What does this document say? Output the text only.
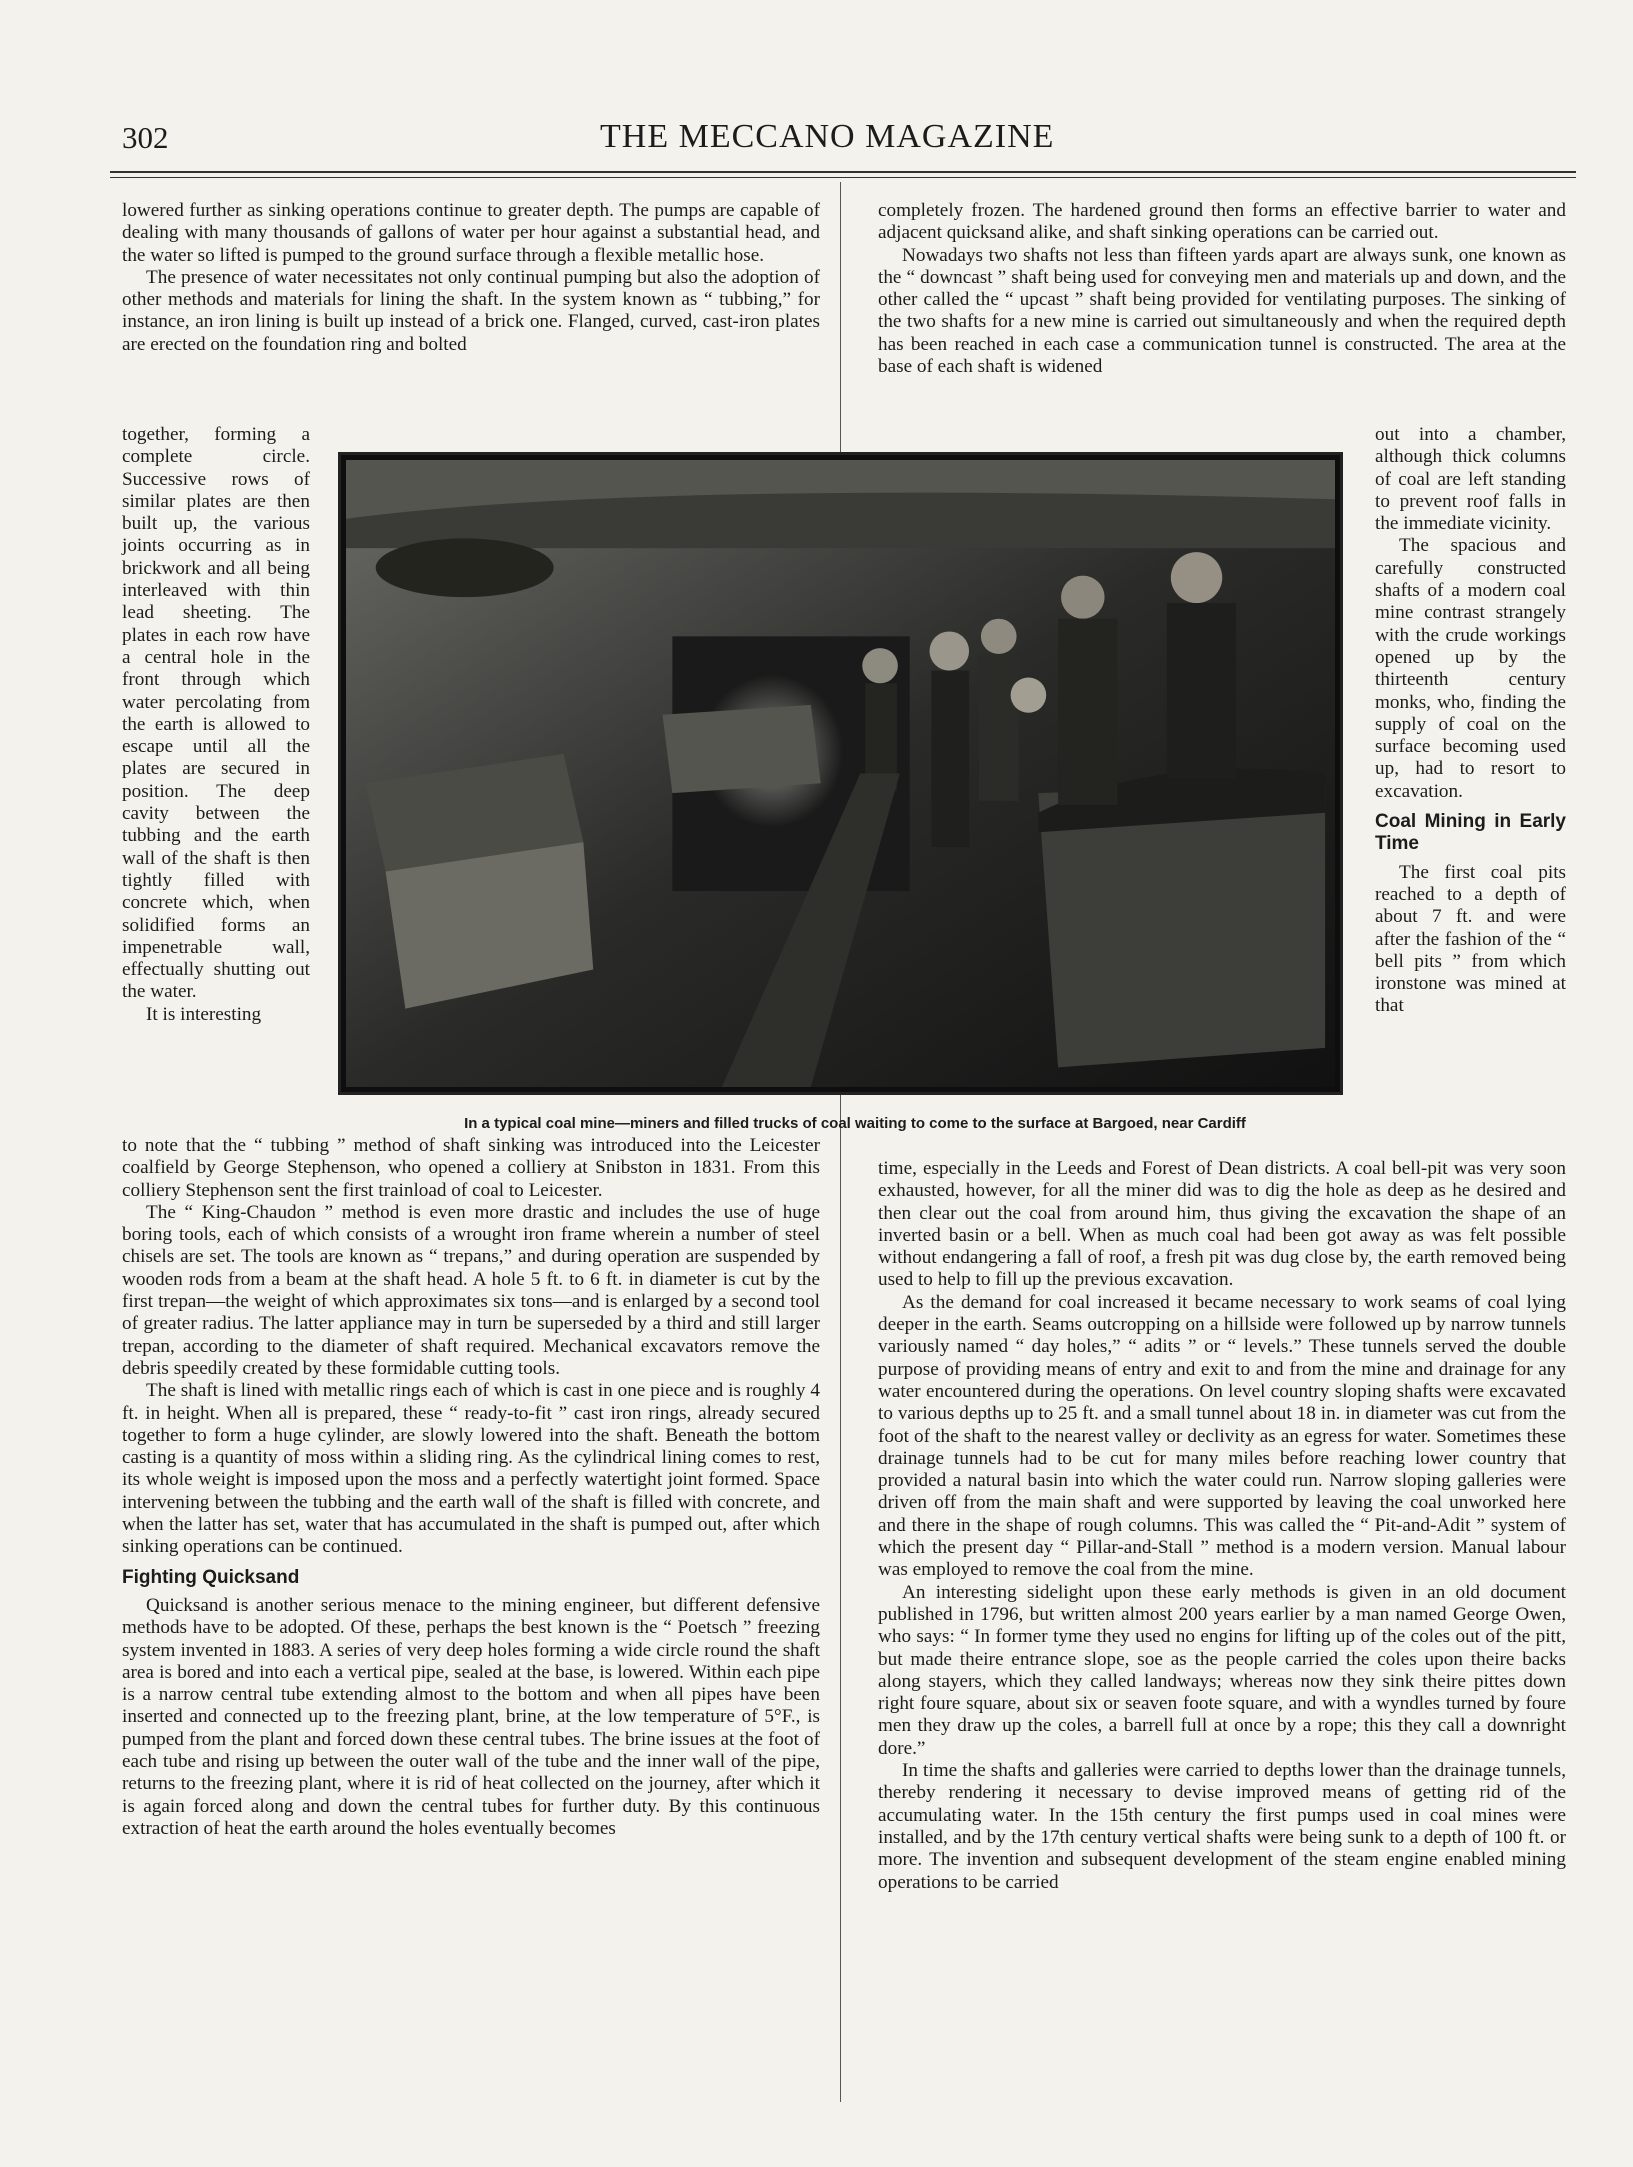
302	THE MECCANO MAGAZINE

lowered further as sinking operations continue to greater depth. The pumps are capable of dealing with many thousands of gallons of water per hour against a substantial head, and the water so lifted is pumped to the ground surface through a flexible metallic hose.

The presence of water necessitates not only continual pumping but also the adoption of other methods and materials for lining the shaft. In the system known as “ tubbing,” for instance, an iron lining is built up instead of a brick one. Flanged, curved, cast-iron plates are erected on the foundation ring and bolted

together, forming a complete circle. Successive rows of similar plates are then built up, the various joints occurring as in brickwork and all being interleaved with thin lead sheeting. The plates in each row have a central hole in the front through which water percolating from the earth is allowed to escape until all the plates are secured in position. The deep cavity between the tubbing and the earth wall of the shaft is then tightly filled with concrete which, when solidified forms an impenetrable wall, effectually shutting out the water.

It is interesting

to note that the “ tubbing ” method of shaft sinking was introduced into the Leicester coalfield by George Stephenson, who opened a colliery at Snibston in 1831. From this colliery Stephenson sent the first trainload of coal to Leicester.

The “ King-Chaudon ” method is even more drastic and includes the use of huge boring tools, each of which consists of a wrought iron frame wherein a number of steel chisels are set. The tools are known as “ trepans,” and during operation are suspended by wooden rods from a beam at the shaft head. A hole 5 ft. to 6 ft. in diameter is cut by the first trepan—the weight of which approximates six tons—and is enlarged by a second tool of greater radius. The latter appliance may in turn be superseded by a third and still larger trepan, according to the diameter of shaft required. Mechanical excavators remove the debris speedily created by these formidable cutting tools.

The shaft is lined with metallic rings each of which is cast in one piece and is roughly 4 ft. in height. When all is prepared, these “ ready-to-fit ” cast iron rings, already secured together to form a huge cylinder, are slowly lowered into the shaft. Beneath the bottom casting is a quantity of moss within a sliding ring. As the cylindrical lining comes to rest, its whole weight is imposed upon the moss and a perfectly watertight joint formed. Space intervening between the tubbing and the earth wall of the shaft is filled with concrete, and when the latter has set, water that has accumulated in the shaft is pumped out, after which sinking operations can be continued.

Fighting Quicksand

Quicksand is another serious menace to the mining engineer, but different defensive methods have to be adopted. Of these, perhaps the best known is the “ Poetsch ” freezing system invented in 1883. A series of very deep holes forming a wide circle round the shaft area is bored and into each a vertical pipe, sealed at the base, is lowered. Within each pipe is a narrow central tube extending almost to the bottom and when all pipes have been inserted and connected up to the freezing plant, brine, at the low temperature of 5°F., is pumped from the plant and forced down these central tubes. The brine issues at the foot of each tube and rising up between the outer wall of the tube and the inner wall of the pipe, returns to the freezing plant, where it is rid of heat collected on the journey, after which it is again forced along and down the central tubes for further duty. By this continuous extraction of heat the earth around the holes eventually becomes

In a typical coal mine—miners and filled trucks of coal waiting to come to the surface at Bargoed, near Cardiff

completely frozen. The hardened ground then forms an effective barrier to water and adjacent quicksand alike, and shaft sinking operations can be carried out.

Nowadays two shafts not less than fifteen yards apart are always sunk, one known as the “ downcast ” shaft being used for conveying men and materials up and down, and the other called the “ upcast ” shaft being provided for ventilating purposes. The sinking of the two shafts for a new mine is carried out simultaneously and when the required depth has been reached in each case a communication tunnel is constructed. The area at the base of each shaft is widened

out into a chamber, although thick columns of coal are left standing to prevent roof falls in the immediate vicinity.

The spacious and carefully constructed shafts of a modern coal mine contrast strangely with the crude workings opened up by the thirteenth century monks, who, finding the supply of coal on the surface becoming used up, had to resort to excavation.

Coal Mining in Early Time

The first coal pits reached to a depth of about 7 ft. and were after the fashion of the “ bell pits ” from which ironstone was mined at that

time, especially in the Leeds and Forest of Dean districts. A coal bell-pit was very soon exhausted, however, for all the miner did was to dig the hole as deep as he desired and then clear out the coal from around him, thus giving the excavation the shape of an inverted basin or a bell. When as much coal had been got away as was felt possible without endangering a fall of roof, a fresh pit was dug close by, the earth removed being used to help to fill up the previous excavation.

As the demand for coal increased it became necessary to work seams of coal lying deeper in the earth. Seams outcropping on a hillside were followed up by narrow tunnels variously named “ day holes,” “ adits ” or “ levels.” These tunnels served the double purpose of providing means of entry and exit to and from the mine and drainage for any water encountered during the operations. On level country sloping shafts were excavated to various depths up to 25 ft. and a small tunnel about 18 in. in diameter was cut from the foot of the shaft to the nearest valley or declivity as an egress for water. Sometimes these drainage tunnels had to be cut for many miles before reaching lower country that provided a natural basin into which the water could run. Narrow sloping galleries were driven off from the main shaft and were supported by leaving the coal unworked here and there in the shape of rough columns. This was called the “ Pit-and-Adit ” system of which the present day “ Pillar-and-Stall ” method is a modern version. Manual labour was employed to remove the coal from the mine.

An interesting sidelight upon these early methods is given in an old document published in 1796, but written almost 200 years earlier by a man named George Owen, who says: “ In former tyme they used no engins for lifting up of the coles out of the pitt, but made theire entrance slope, soe as the people carried the coles upon theire backs along stayers, which they called landways; whereas now they sink theire pittes down right foure square, about six or seaven foote square, and with a wyndles turned by foure men they draw up the coles, a barrell full at once by a rope; this they call a downright dore.”

In time the shafts and galleries were carried to depths lower than the drainage tunnels, thereby rendering it necessary to devise improved means of getting rid of the accumulating water. In the 15th century the first pumps used in coal mines were installed, and by the 17th century vertical shafts were being sunk to a depth of 100 ft. or more. The invention and subsequent development of the steam engine enabled mining operations to be carried
